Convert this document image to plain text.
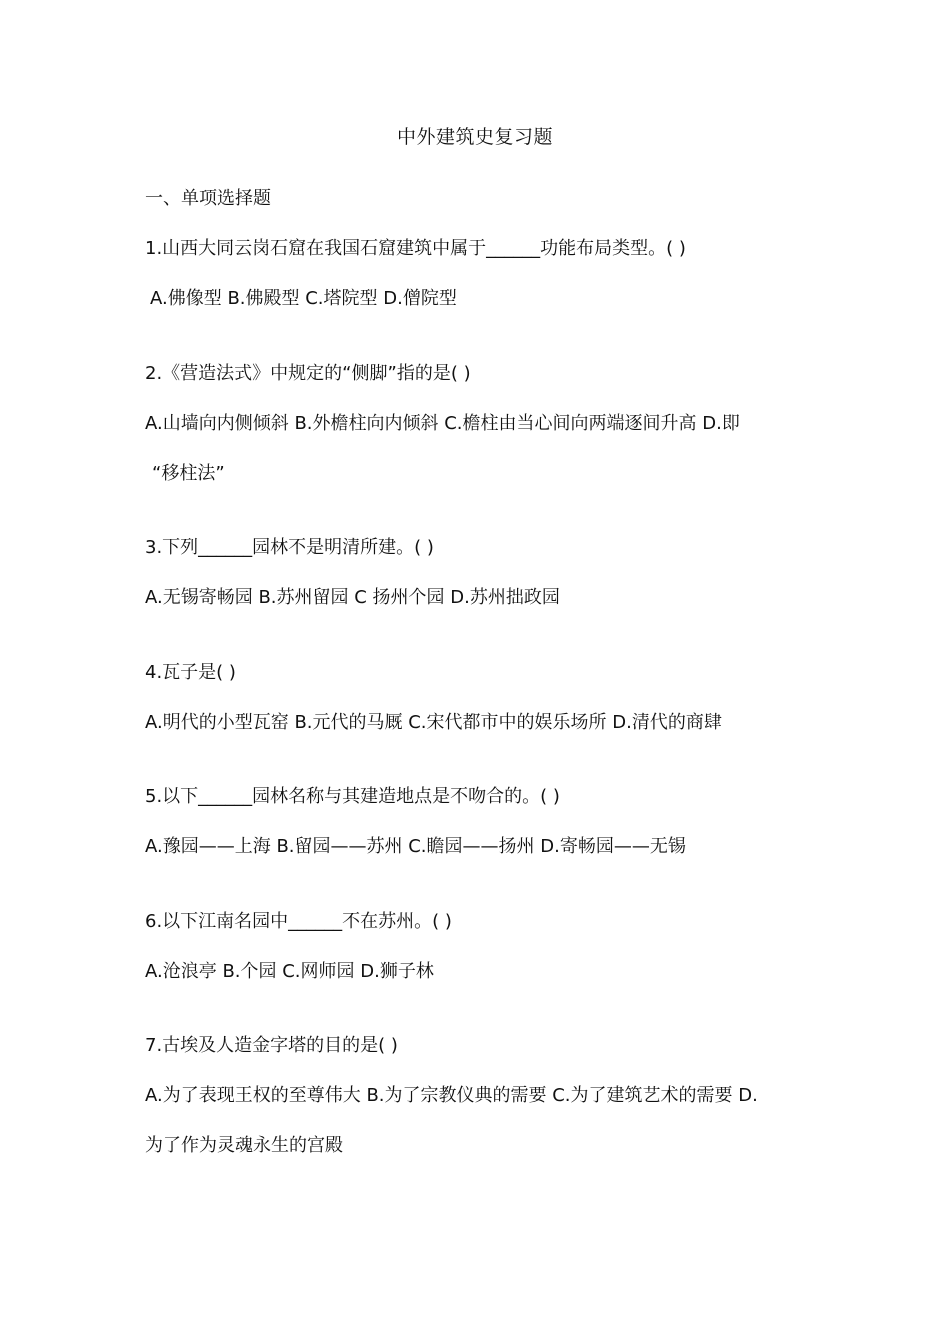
中外建筑史复习题
一、单项选择题
1.山西大同云岗石窟在我国石窟建筑中属于______功能布局类型。( )
A.佛像型 B.佛殿型 C.塔院型 D.僧院型
2.《营造法式》中规定的“侧脚”指的是( )
A.山墙向内侧倾斜 B.外檐柱向内倾斜 C.檐柱由当心间向两端逐间升高 D.即
“移柱法”
3.下列______园林不是明清所建。( )
A.无锡寄畅园 B.苏州留园 C 扬州个园 D.苏州拙政园
4.瓦子是( )
A.明代的小型瓦窑 B.元代的马厩 C.宋代都市中的娱乐场所 D.清代的商肆
5.以下______园林名称与其建造地点是不吻合的。( )
A.豫园——上海 B.留园——苏州 C.瞻园——扬州 D.寄畅园——无锡
6.以下江南名园中______不在苏州。( )
A.沧浪亭 B.个园 C.网师园 D.狮子林
7.古埃及人造金字塔的目的是( )
A.为了表现王权的至尊伟大 B.为了宗教仪典的需要 C.为了建筑艺术的需要 D.
为了作为灵魂永生的宫殿
